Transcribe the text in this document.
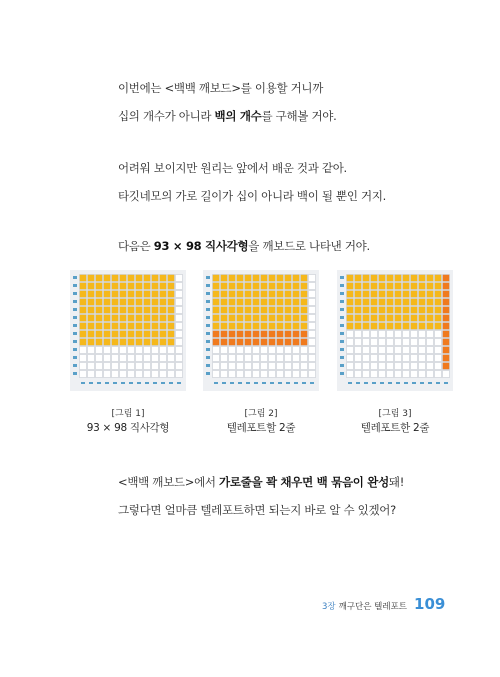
이번에는 <백백 깨보드>를 이용할 거니까
십의 개수가 아니라 백의 개수를 구해볼 거야.
어려워 보이지만 원리는 앞에서 배운 것과 같아.
타깃네모의 가로 길이가 십이 아니라 백이 될 뿐인 거지.
다음은 93 × 98 직사각형을 깨보드로 나타낸 거야.
[그림 1]
93 × 98 직사각형
[그림 2]
텔레포트할 2줄
[그림 3]
텔레포트한 2줄
<백백 깨보드>에서 가로줄을 꽉 채우면 백 묶음이 완성돼!
그렇다면 얼마큼 텔레포트하면 되는지 바로 알 수 있겠어?
3장 깨구단은 텔레포트 109
